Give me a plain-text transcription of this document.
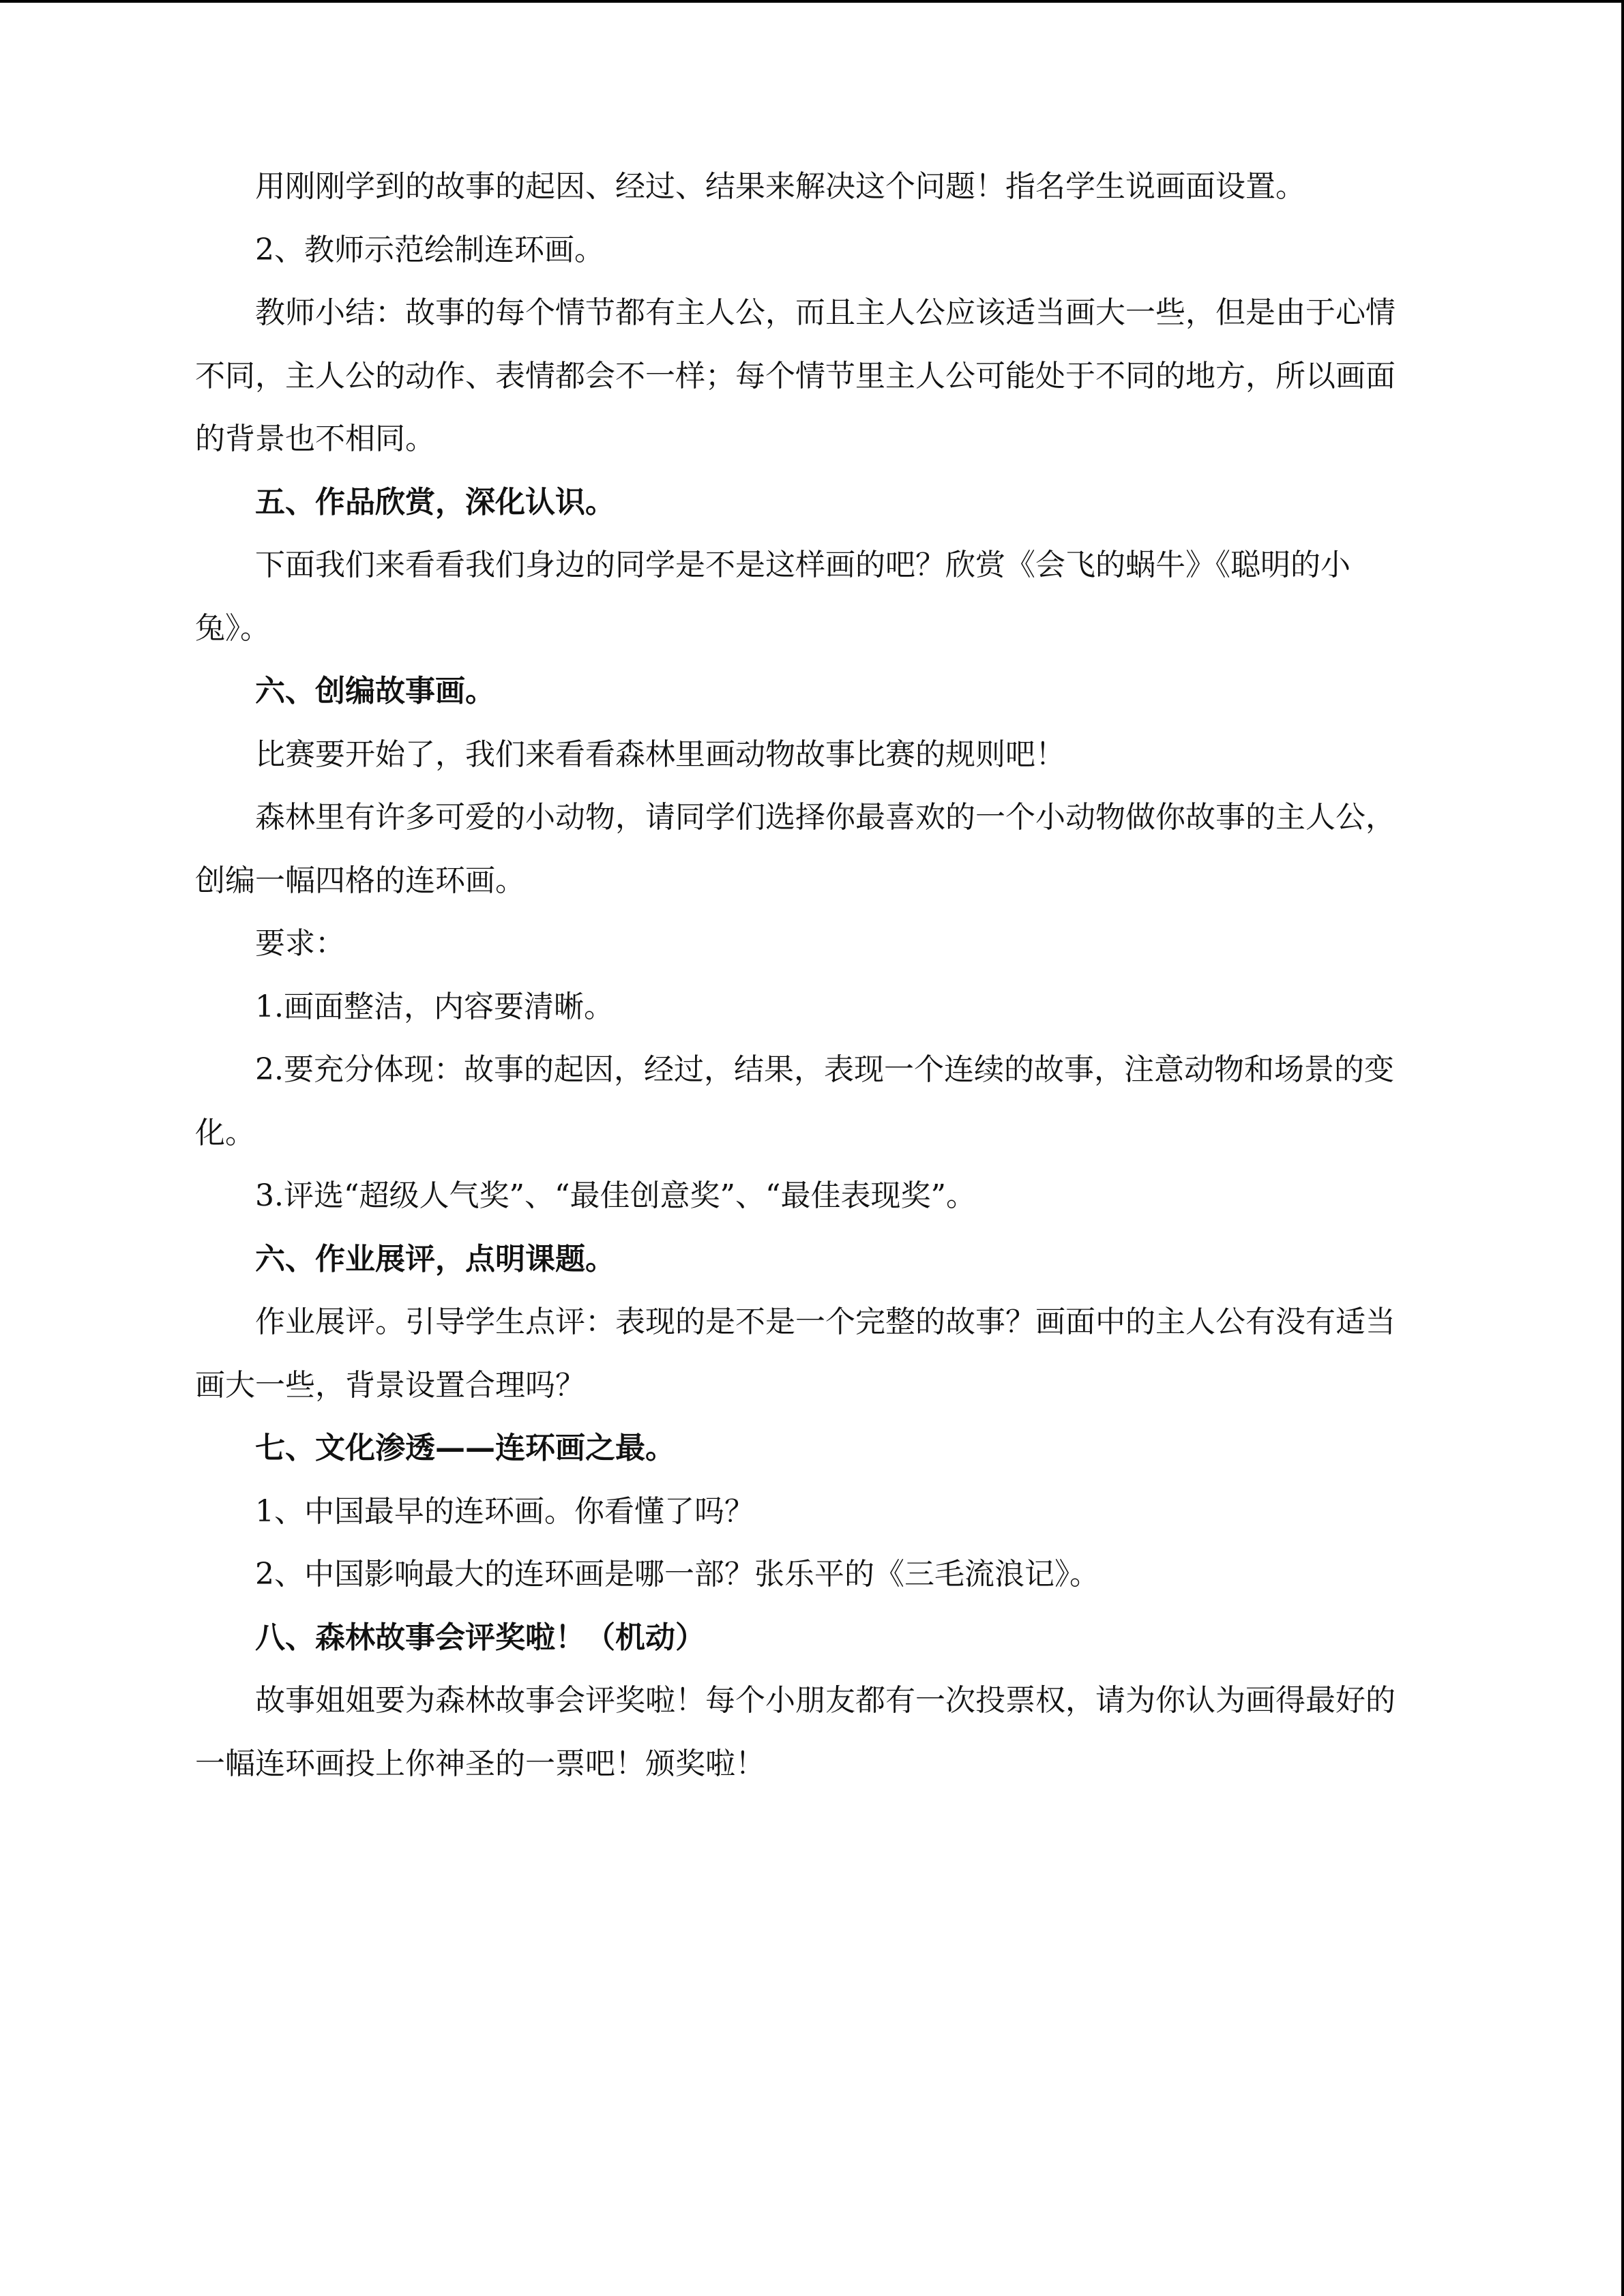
用刚刚学到的故事的起因、经过、结果来解决这个问题！指名学生说画面设置。

2、教师示范绘制连环画。

教师小结：故事的每个情节都有主人公，而且主人公应该适当画大一些，但是由于心情不同，主人公的动作、表情都会不一样；每个情节里主人公可能处于不同的地方，所以画面的背景也不相同。

五、作品欣赏，深化认识。

下面我们来看看我们身边的同学是不是这样画的吧？欣赏《会飞的蜗牛》《聪明的小兔》。

六、创编故事画。

比赛要开始了，我们来看看森林里画动物故事比赛的规则吧！

森林里有许多可爱的小动物，请同学们选择你最喜欢的一个小动物做你故事的主人公，创编一幅四格的连环画。

要求：

1.画面整洁，内容要清晰。

2.要充分体现：故事的起因，经过，结果，表现一个连续的故事，注意动物和场景的变化。

3.评选“超级人气奖”、“最佳创意奖”、“最佳表现奖”。

六、作业展评，点明课题。

作业展评。引导学生点评：表现的是不是一个完整的故事？画面中的主人公有没有适当画大一些，背景设置合理吗？

七、文化渗透——连环画之最。

1、中国最早的连环画。你看懂了吗？

2、中国影响最大的连环画是哪一部？张乐平的《三毛流浪记》。

八、森林故事会评奖啦！（机动）

故事姐姐要为森林故事会评奖啦！每个小朋友都有一次投票权，请为你认为画得最好的一幅连环画投上你神圣的一票吧！颁奖啦！
